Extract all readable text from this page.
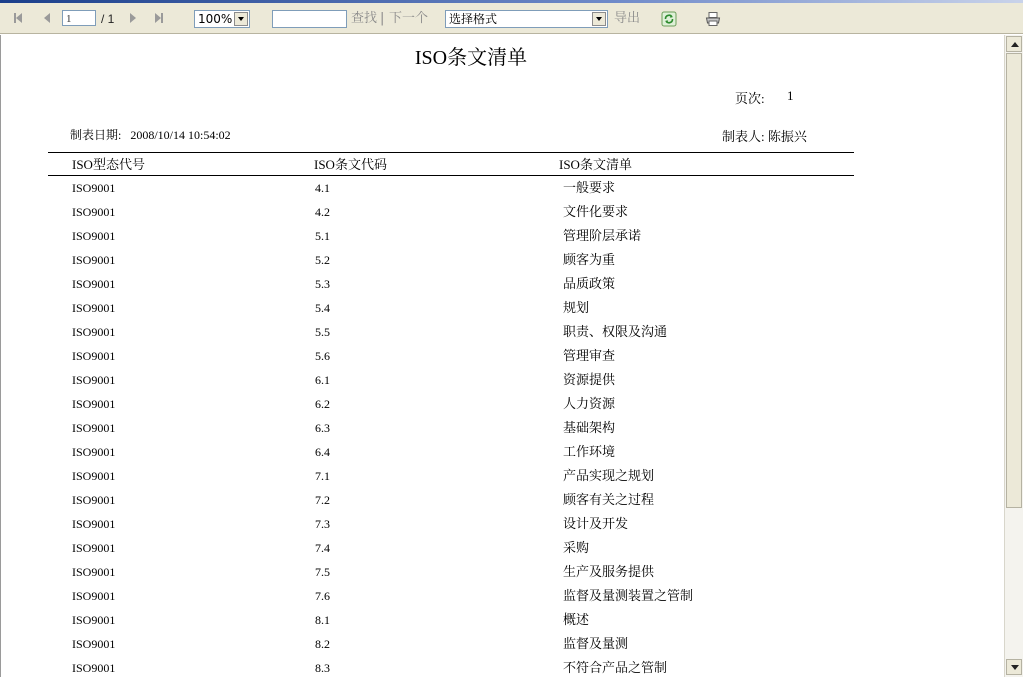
1	/ 1	100%	查找 | 下一个	选择格式	导出
ISO条文清单
页次: 1
制表日期:   2008/10/14 10:54:02	制表人: 陈振兴
ISO型态代号	ISO条文代码	ISO条文清单
ISO9001	4.1	一般要求
ISO9001	4.2	文件化要求
ISO9001	5.1	管理阶层承诺
ISO9001	5.2	顾客为重
ISO9001	5.3	品质政策
ISO9001	5.4	规划
ISO9001	5.5	职责、权限及沟通
ISO9001	5.6	管理审查
ISO9001	6.1	资源提供
ISO9001	6.2	人力资源
ISO9001	6.3	基础架构
ISO9001	6.4	工作环境
ISO9001	7.1	产品实现之规划
ISO9001	7.2	顾客有关之过程
ISO9001	7.3	设计及开发
ISO9001	7.4	采购
ISO9001	7.5	生产及服务提供
ISO9001	7.6	监督及量测装置之管制
ISO9001	8.1	概述
ISO9001	8.2	监督及量测
ISO9001	8.3	不符合产品之管制
